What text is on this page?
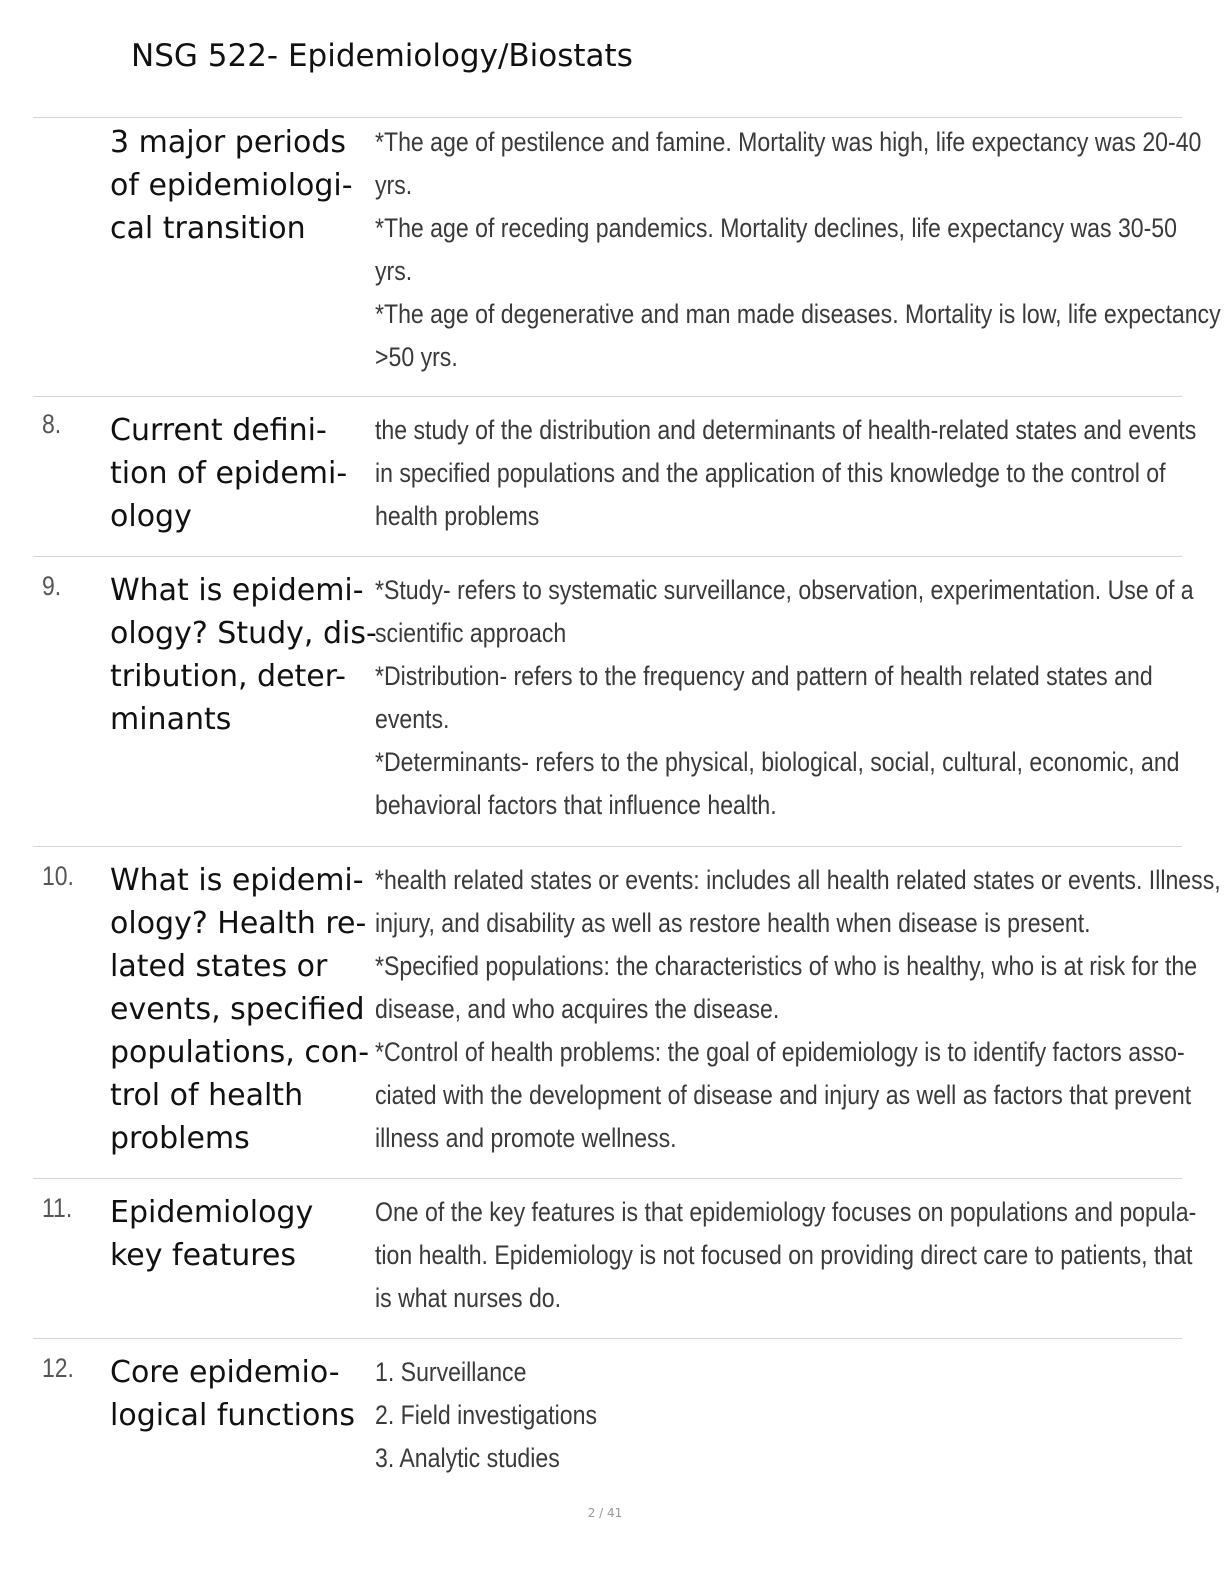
NSG 522- Epidemiology/Biostats
3 major periods
of epidemiologi-
cal transition
*The age of pestilence and famine. Mortality was high, life expectancy was 20-40
yrs.
*The age of receding pandemics. Mortality declines, life expectancy was 30-50
yrs.
*The age of degenerative and man made diseases. Mortality is low, life expectancy
>50 yrs.
8. Current defini-
tion of epidemi-
ology
the study of the distribution and determinants of health-related states and events
in specified populations and the application of this knowledge to the control of
health problems
9. What is epidemi-
ology? Study, dis-
tribution, deter-
minants
*Study- refers to systematic surveillance, observation, experimentation. Use of a
scientific approach
*Distribution- refers to the frequency and pattern of health related states and
events.
*Determinants- refers to the physical, biological, social, cultural, economic, and
behavioral factors that influence health.
10. What is epidemi-
ology? Health re-
lated states or
events, specified
populations, con-
trol of health
problems
*health related states or events: includes all health related states or events. Illness,
injury, and disability as well as restore health when disease is present.
*Specified populations: the characteristics of who is healthy, who is at risk for the
disease, and who acquires the disease.
*Control of health problems: the goal of epidemiology is to identify factors asso-
ciated with the development of disease and injury as well as factors that prevent
illness and promote wellness.
11. Epidemiology
key features
One of the key features is that epidemiology focuses on populations and popula-
tion health. Epidemiology is not focused on providing direct care to patients, that
is what nurses do.
12. Core epidemio-
logical functions
1. Surveillance
2. Field investigations
3. Analytic studies
2 / 41
